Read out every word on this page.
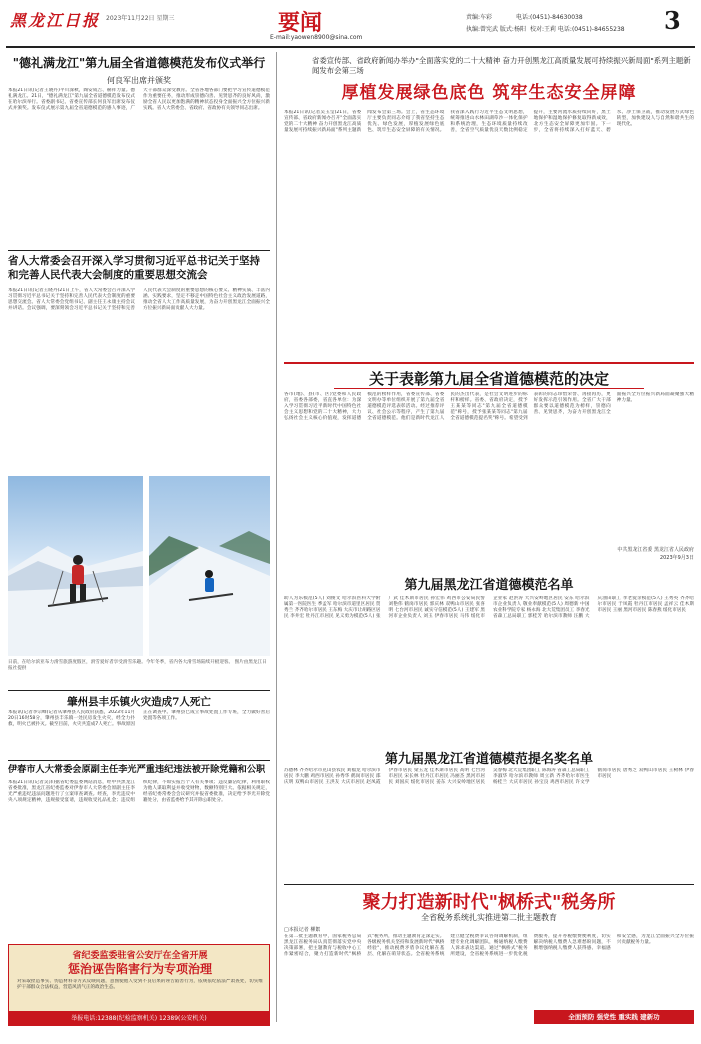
黑龙江日报 2023年11月22日 星期三	要闻
E-mail:yaowen8900@sina.com
责编:车彩	电话:(0451)-84630038
执编:曾宪武 版式:杨阳 校对:王莉 电话:(0451)-84655238 3
"德礼满龙江"第九届全省道德模范发布仪式举行
何良军出席并颁奖
本报21日讯(记者王晓丹)平川深秋，陶安成吉、赫祥力量。德礼满龙江。21日，"德礼满龙江"第九届全省道德模范发布仪式在哈尔滨举行。省委副书记、省委宣传部长何良军出席发布仪式并颁奖。发布仪式展示第九届全省道德模范的感人事迹，广大干部群众深受教育。全省各地各部门要把学习宣传道德模范作为重要任务，推动形成崇德向善、见贤思齐的良好风尚，激励全省人民以更加饱满的精神状态投身全面振兴全方位振兴新实践。省人大常委会、省政府、省政协有关领导同志出席。
省人大常委会召开深入学习贯彻习近平总书记关于坚持和完善人民代表大会制度的重要思想交流会
本报21日讯(记者王晓丹)21日上午，省人大常委会召开深入学习贯彻习近平总书记关于坚持和完善人民代表大会制度的重要思想交流会。省人大常委会党组书记、副主任王永康主持会议并讲话。会议强调，要深刻领会习近平总书记关于坚持和完善人民代表大会制度的重要思想的核心要义、精神实质、丰富内涵、实践要求，坚定不移走中国特色社会主义政治发展道路，推动全省人大工作高质量发展，为奋力开创黑龙江全面振兴全方位振兴新局面贡献人大力量。
日前，在哈尔滨亚布力滑雪旅游度假区，滑雪爱好者享受滑雪乐趣。今年冬季，省内各大滑雪场陆续开板迎客。 图片由黑龙江日报社提供
肇州县丰乐镇火灾造成7人死亡
本报讯(记者李宗峰)记者从肇州县人民政府获悉，2023年11月20日16时58分，肇州县丰乐镇一处民房发生火灾，经全力扑救，明火已被扑灭。截至目前，火灾共造成7人死亡。事故原因正在调查中。肇州县已成立事故处置工作专班，全力做好善后处置等各项工作。
伊春市人大常委会原副主任李光严重违纪违法被开除党籍和公职
本报21日讯(记者吴泽)据省纪委监委网站消息，经中共黑龙江省委批准，黑龙江省纪委监委对伊春市人大常委会原副主任李光严重违纪违法问题进行了立案审查调查。经查，李光违反中央八项规定精神，违规接受宴请，违规收受礼品礼金；违反组织纪律，不如实报告个人有关事项；违反廉洁纪律，利用职权为他人谋取利益并收受财物，数额特别巨大。依据相关规定，经省纪委常委会会议研究并报省委批准，决定给予李光开除党籍处分，由省监委给予其开除公职处分。
省纪委监委驻省公安厅在全省开展
惩治诬告陷害行为专项治理
对采取捏造事实、伪造材料等方式反映问题，意图使他人受到不良后果的诬告陷害行为，依规依纪依法严肃查处，切实维护干部群众合法权益，营造风清气正的政治生态。
举报电话:12388(纪检监察机关) 12389(公安机关)
省委宣传部、省政府新闻办举办"全面落实党的二十大精神 奋力开创黑龙江高质量发展可持续振兴新局面"系列主题新闻发布会第三场
厚植发展绿色底色 筑牢生态安全屏障
本报21日讯(记者吴玉莹)21日，省委宣传部、省政府新闻办召开"全面落实党的二十大精神 奋力开创黑龙江高质量发展可持续振兴新局面"系列主题新闻发布会第三场。会上，省生态环境厅主要负责同志介绍了我省坚持生态优先、绿色发展，厚植发展绿色底色、筑牢生态安全屏障的有关情况。我省深入践行习近平生态文明思想，统筹推进山水林田湖草沙一体化保护和系统治理，生态环境质量持续改善，全省空气质量优良天数比例稳定提升，主要河流水质持续向好，黑土地保护和湿地保护修复取得新成效，北方生态安全屏障更加牢固。下一步，全省将持续深入打好蓝天、碧水、净土保卫战，推动发展方式绿色转型，加快建设人与自然和谐共生的现代化。
关于表彰第九届全省道德模范的决定
各市(地)、县(市、区)党委和人民政府，省委各部委，省直各单位：为深入学习贯彻习近平新时代中国特色社会主义思想和党的二十大精神，大力弘扬社会主义核心价值观，发挥道德模范的榜样作用，省委宣传部、省委文明办等单位组织开展了第九届全省道德模范评选表彰活动。经过推荐评议、社会公示等程序，产生了第九届全省道德模范。他们是新时代龙江人民的杰出代表，是社会文明进步的标杆和榜样。省委、省政府决定，授予王某某等同志"第九届全省道德模范"称号，授予张某某等同志"第九届全省道德模范提名奖"称号。希望受到表彰的同志珍惜荣誉、再接再厉，更好发挥示范引领作用。全省广大干部群众要以道德模范为榜样，崇德向善、见贤思齐，为奋力开创黑龙江全面振兴全方位振兴新局面凝聚强大精神力量。
中共黑龙江省委 黑龙江省人民政府
2023年9月3日
第九届黑龙江省道德模范名单
助人为乐模范(5人) 刘俊文 哈尔滨医科大学附属第一医院医生 季孟军 哈尔滨市道里区居民 贺秀兰 齐齐哈尔市居民 王东梅 大庆市让胡路区居民 李井宏 牡丹江市居民 见义勇为模范(5人) 张广武 佳木斯市居民 孙宏伟 鸡西市公安局民警 刘艳伟 鹤岗市居民 郭庆林 双鸭山市居民 张喜明 七台河市居民 诚实守信模范(5人) 王建军 黑河市企业负责人 刘玉 伊春市居民 马伟 绥化市企业家 赵洪涛 大兴安岭地区居民 安东 哈尔滨市企业负责人 敬业奉献模范(5人) 周德新 中国农业科学院专家 杨永海 北大荒集团员工 李春光 省森工总局职工 郭桂芳 哈尔滨市教师 汪鹏 大庆油田职工 孝老爱亲模范(5人) 王秀英 齐齐哈尔市居民 于凤霞 牡丹江市居民 孟祥云 佳木斯市居民 王丽 黑河市居民 陈春燕 绥化市居民
第九届黑龙江省道德模范提名奖名单
苏德林 齐齐哈尔市克山县农民 刘福龙 哈尔滨市居民 李大鹏 鸡西市居民 孙秀华 鹤岗市居民 邵庆明 双鸭山市居民 王洪友 大庆市居民 赵凤霞 伊春市居民 梁玉龙 佳木斯市居民 高明 七台河市居民 宋长林 牡丹江市居民 冯丽杰 黑河市居民 刘国庆 绥化市居民 姜东 大兴安岭地区居民 吴春梅 北大荒集团职工 陈海涛 省森工总局职工 李淑华 哈尔滨市教师 周立新 齐齐哈尔市医生 杨桂兰 大庆市居民 孙宝良 鸡西市居民 许文学 鹤岗市居民 唐秀芝 双鸭山市居民 王树林 伊春市居民
聚力打造新时代"枫桥式"税务所
全省税务系统扎实推进第二批主题教育
□本报记者 柳絮
在第二批主题教育中，国家税务总局黑龙江省税务局认真贯彻落实党中央决策部署，把主题教育与税收中心工作紧密结合，聚力打造新时代"枫桥式"税务所，推动主题教育走深走实。各级税务机关坚持和发展新时代"枫桥经验"，推动税费矛盾争议化解在基层、化解在萌芽状态。全省税务系统建立健全税费争议咨询调解机制，组建专业化调解团队，畅通纳税人缴费人诉求表达渠道。通过"枫桥式"税务所建设，全省税务系统进一步优化税费服务，提升办税缴费便利度，切实解决纳税人缴费人急难愁盼问题，不断增强纳税人缴费人获得感、幸福感和安全感，为龙江全面振兴全方位振兴贡献税务力量。
全面预防 强党性 重实践 建新功
